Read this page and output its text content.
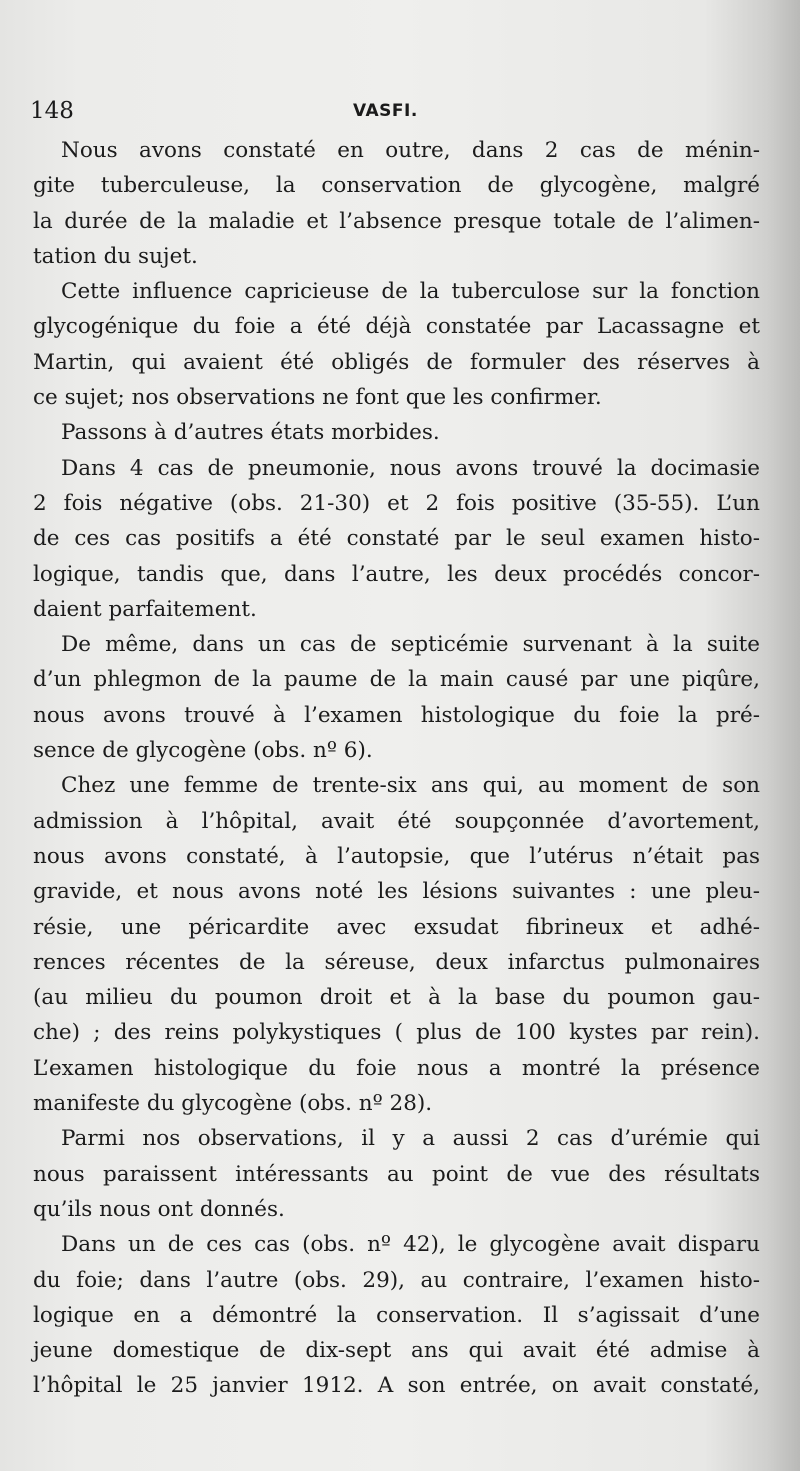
148	VASFI.
Nous avons constaté en outre, dans 2 cas de ménin-
gite tuberculeuse, la conservation de glycogène, malgré
la durée de la maladie et l’absence presque totale de l’alimen-
tation du sujet.
Cette influence capricieuse de la tuberculose sur la fonction
glycogénique du foie a été déjà constatée par Lacassagne et
Martin, qui avaient été obligés de formuler des réserves à
ce sujet; nos observations ne font que les confirmer.
Passons à d’autres états morbides.
Dans 4 cas de pneumonie, nous avons trouvé la docimasie
2 fois négative (obs. 21-30) et 2 fois positive (35-55). L’un
de ces cas positifs a été constaté par le seul examen histo-
logique, tandis que, dans l’autre, les deux procédés concor-
daient parfaitement.
De même, dans un cas de septicémie survenant à la suite
d’un phlegmon de la paume de la main causé par une piqûre,
nous avons trouvé à l’examen histologique du foie la pré-
sence de glycogène (obs. nº 6).
Chez une femme de trente-six ans qui, au moment de son
admission à l’hôpital, avait été soupçonnée d’avortement,
nous avons constaté, à l’autopsie, que l’utérus n’était pas
gravide, et nous avons noté les lésions suivantes : une pleu-
résie, une péricardite avec exsudat fibrineux et adhé-
rences récentes de la séreuse, deux infarctus pulmonaires
(au milieu du poumon droit et à la base du poumon gau-
che) ; des reins polykystiques ( plus de 100 kystes par rein).
L’examen histologique du foie nous a montré la présence
manifeste du glycogène (obs. nº 28).
Parmi nos observations, il y a aussi 2 cas d’urémie qui
nous paraissent intéressants au point de vue des résultats
qu’ils nous ont donnés.
Dans un de ces cas (obs. nº 42), le glycogène avait disparu
du foie; dans l’autre (obs. 29), au contraire, l’examen histo-
logique en a démontré la conservation. Il s’agissait d’une
jeune domestique de dix-sept ans qui avait été admise à
l’hôpital le 25 janvier 1912. A son entrée, on avait constaté,
